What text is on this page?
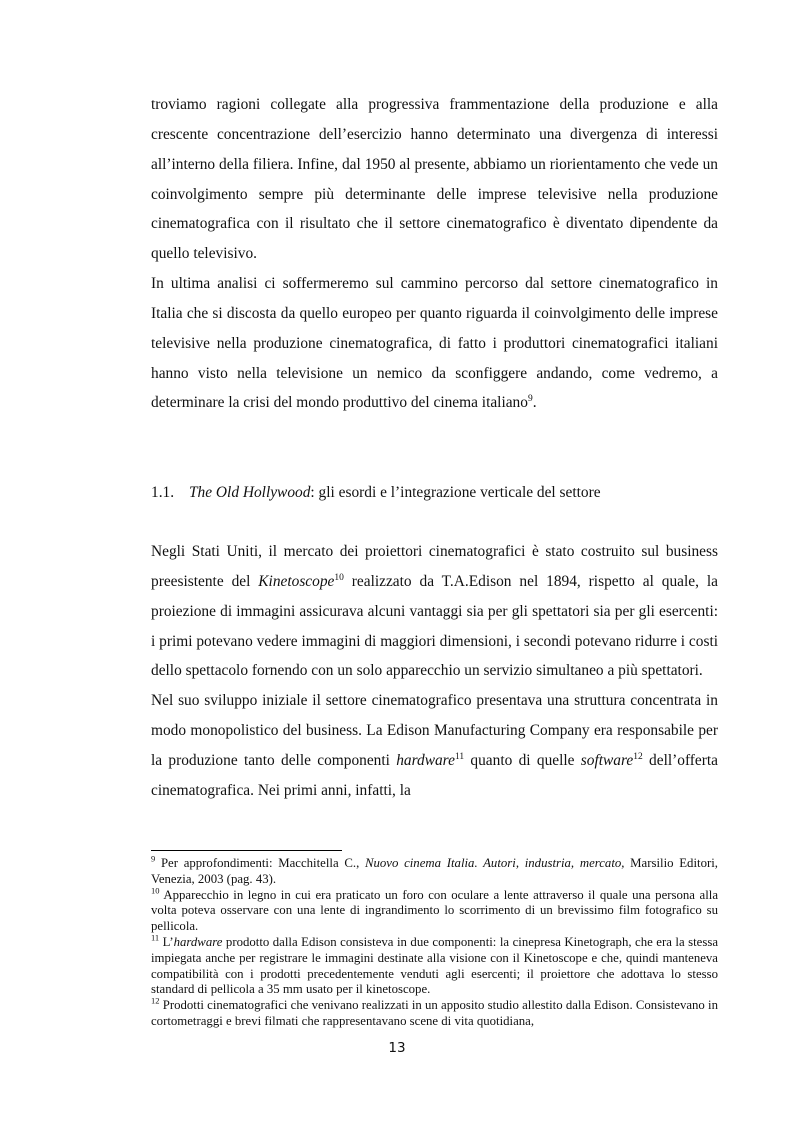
troviamo ragioni collegate alla progressiva frammentazione della produzione e alla crescente concentrazione dell’esercizio hanno determinato una divergenza di interessi all’interno della filiera. Infine, dal 1950 al presente, abbiamo un riorientamento che vede un coinvolgimento sempre più determinante delle imprese televisive nella produzione cinematografica con il risultato che il settore cinematografico è diventato dipendente da quello televisivo.

In ultima analisi ci soffermeremo sul cammino percorso dal settore cinematografico in Italia che si discosta da quello europeo per quanto riguarda il coinvolgimento delle imprese televisive nella produzione cinematografica, di fatto i produttori cinematografici italiani hanno visto nella televisione un nemico da sconfiggere andando, come vedremo, a determinare la crisi del mondo produttivo del cinema italiano$^9$.

1.1. The Old Hollywood: gli esordi e l’integrazione verticale del settore

Negli Stati Uniti, il mercato dei proiettori cinematografici è stato costruito sul business preesistente del Kinetoscope$^{10}$ realizzato da T.A.Edison nel 1894, rispetto al quale, la proiezione di immagini assicurava alcuni vantaggi sia per gli spettatori sia per gli esercenti: i primi potevano vedere immagini di maggiori dimensioni, i secondi potevano ridurre i costi dello spettacolo fornendo con un solo apparecchio un servizio simultaneo a più spettatori.

Nel suo sviluppo iniziale il settore cinematografico presentava una struttura concentrata in modo monopolistico del business. La Edison Manufacturing Company era responsabile per la produzione tanto delle componenti hardware$^{11}$ quanto di quelle software$^{12}$ dell’offerta cinematografica. Nei primi anni, infatti, la

$^9$ Per approfondimenti: Macchitella C., Nuovo cinema Italia. Autori, industria, mercato, Marsilio Editori, Venezia, 2003 (pag. 43).

$^{10}$ Apparecchio in legno in cui era praticato un foro con oculare a lente attraverso il quale una persona alla volta poteva osservare con una lente di ingrandimento lo scorrimento di un brevissimo film fotografico su pellicola.

$^{11}$ L’hardware prodotto dalla Edison consisteva in due componenti: la cinepresa Kinetograph, che era la stessa impiegata anche per registrare le immagini destinate alla visione con il Kinetoscope e che, quindi manteneva compatibilità con i prodotti precedentemente venduti agli esercenti; il proiettore che adottava lo stesso standard di pellicola a 35 mm usato per il kinetoscope.

$^{12}$ Prodotti cinematografici che venivano realizzati in un apposito studio allestito dalla Edison. Consistevano in cortometraggi e brevi filmati che rappresentavano scene di vita quotidiana,

13
